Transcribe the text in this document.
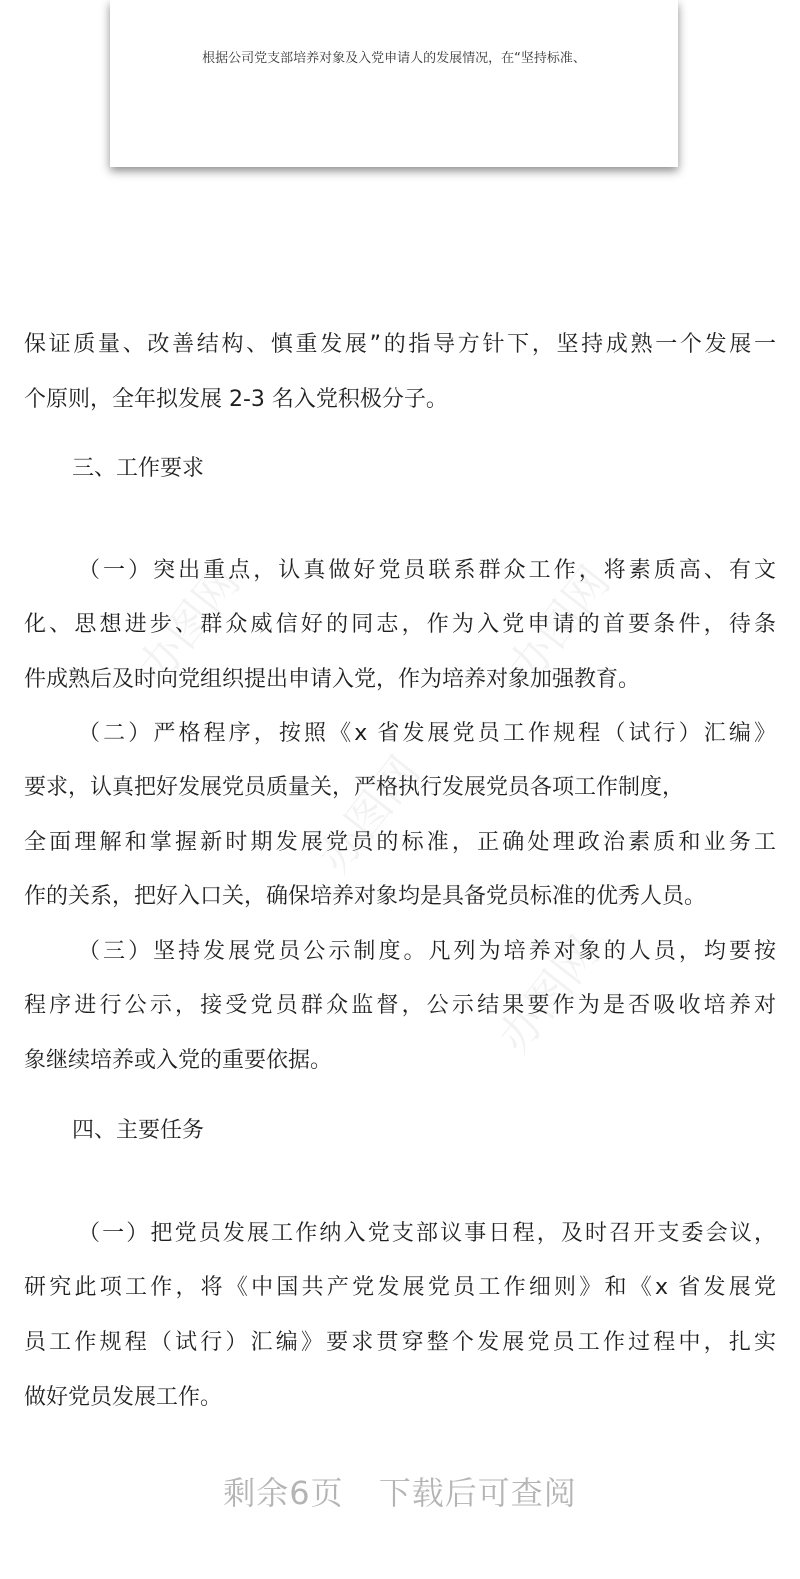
根据公司党支部培养对象及入党申请人的发展情况，在“坚持标准、

办图网	办图网
办图网
办图网
保证质量、改善结构、慎重发展”的指导方针下，坚持成熟一个发展一
个原则，全年拟发展 2-3 名入党积极分子。
三、工作要求
（一）突出重点，认真做好党员联系群众工作，将素质高、有文
化、思想进步、群众威信好的同志，作为入党申请的首要条件，待条
件成熟后及时向党组织提出申请入党，作为培养对象加强教育。
（二）严格程序，按照《x 省发展党员工作规程（试行）汇编》
要求，认真把好发展党员质量关，严格执行发展党员各项工作制度，
全面理解和掌握新时期发展党员的标准，正确处理政治素质和业务工
作的关系，把好入口关，确保培养对象均是具备党员标准的优秀人员。
（三）坚持发展党员公示制度。凡列为培养对象的人员，均要按
程序进行公示，接受党员群众监督，公示结果要作为是否吸收培养对
象继续培养或入党的重要依据。
四、主要任务
（一）把党员发展工作纳入党支部议事日程，及时召开支委会议，
研究此项工作，将《中国共产党发展党员工作细则》和《x 省发展党
员工作规程（试行）汇编》要求贯穿整个发展党员工作过程中，扎实
做好党员发展工作。
剩余6页 下载后可查阅
